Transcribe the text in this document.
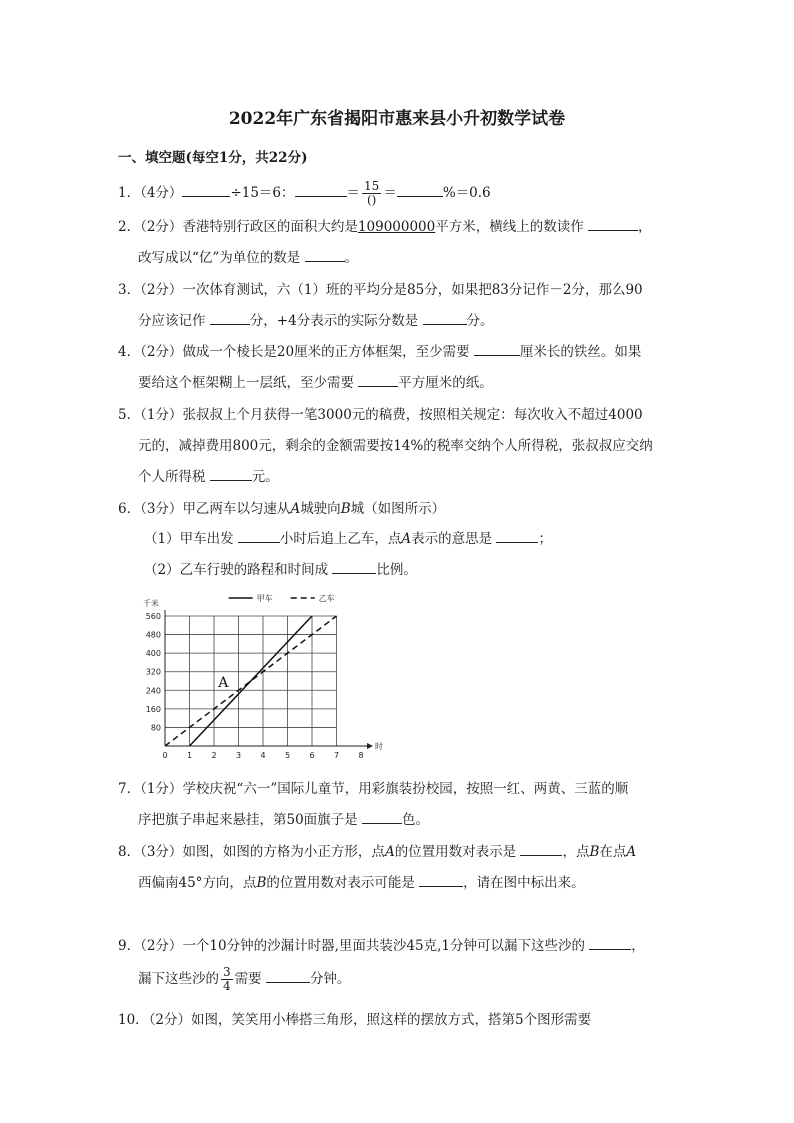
2022年广东省揭阳市惠来县小升初数学试卷
一、填空题(每空1分，共22分)
1．（4分）	÷15＝6：	＝ $\frac{15}{()}$ ＝	%＝0.6
2．（2分）香港特别行政区的面积大约是109000000平方米，横线上的数读作	，
改写成以“亿”为单位的数是	。
3．（2分）一次体育测试，六（1）班的平均分是85分，如果把83分记作－2分，那么90
分应该记作	分，+4分表示的实际分数是	分。
4．（2分）做成一个棱长是20厘米的正方体框架，至少需要	厘米长的铁丝。如果
要给这个框架糊上一层纸，至少需要	平方厘米的纸。
5．（1分）张叔叔上个月获得一笔3000元的稿费，按照相关规定：每次收入不超过4000
元的，减掉费用800元，剩余的金额需要按14%的税率交纳个人所得税，张叔叔应交纳
个人所得税	元。
6．（3分）甲乙两车以匀速从A城驶向B城（如图所示）
（1）甲车出发	小时后追上乙车，点A表示的意思是	；
（2）乙车行驶的路程和时间成	比例。
0 1 2 3 4 5 6 7 8
80
160
240
320
400
480
560
千米
时
甲车	乙车
A
7．（1分）学校庆祝“六一”国际儿童节，用彩旗装扮校园，按照一红、两黄、三蓝的顺
序把旗子串起来悬挂，第50面旗子是	色。
8．（3分）如图，如图的方格为小正方形，点A的位置用数对表示是	，点B在点A
西偏南45°方向，点B的位置用数对表示可能是	，请在图中标出来。
9．（2分）一个10分钟的沙漏计时器,里面共装沙45克,1分钟可以漏下这些沙的	，
漏下这些沙的 $\frac{3}{4}$ 需要	分钟。
10．（2分）如图，笑笑用小棒搭三角形，照这样的摆放方式，搭第5个图形需要
